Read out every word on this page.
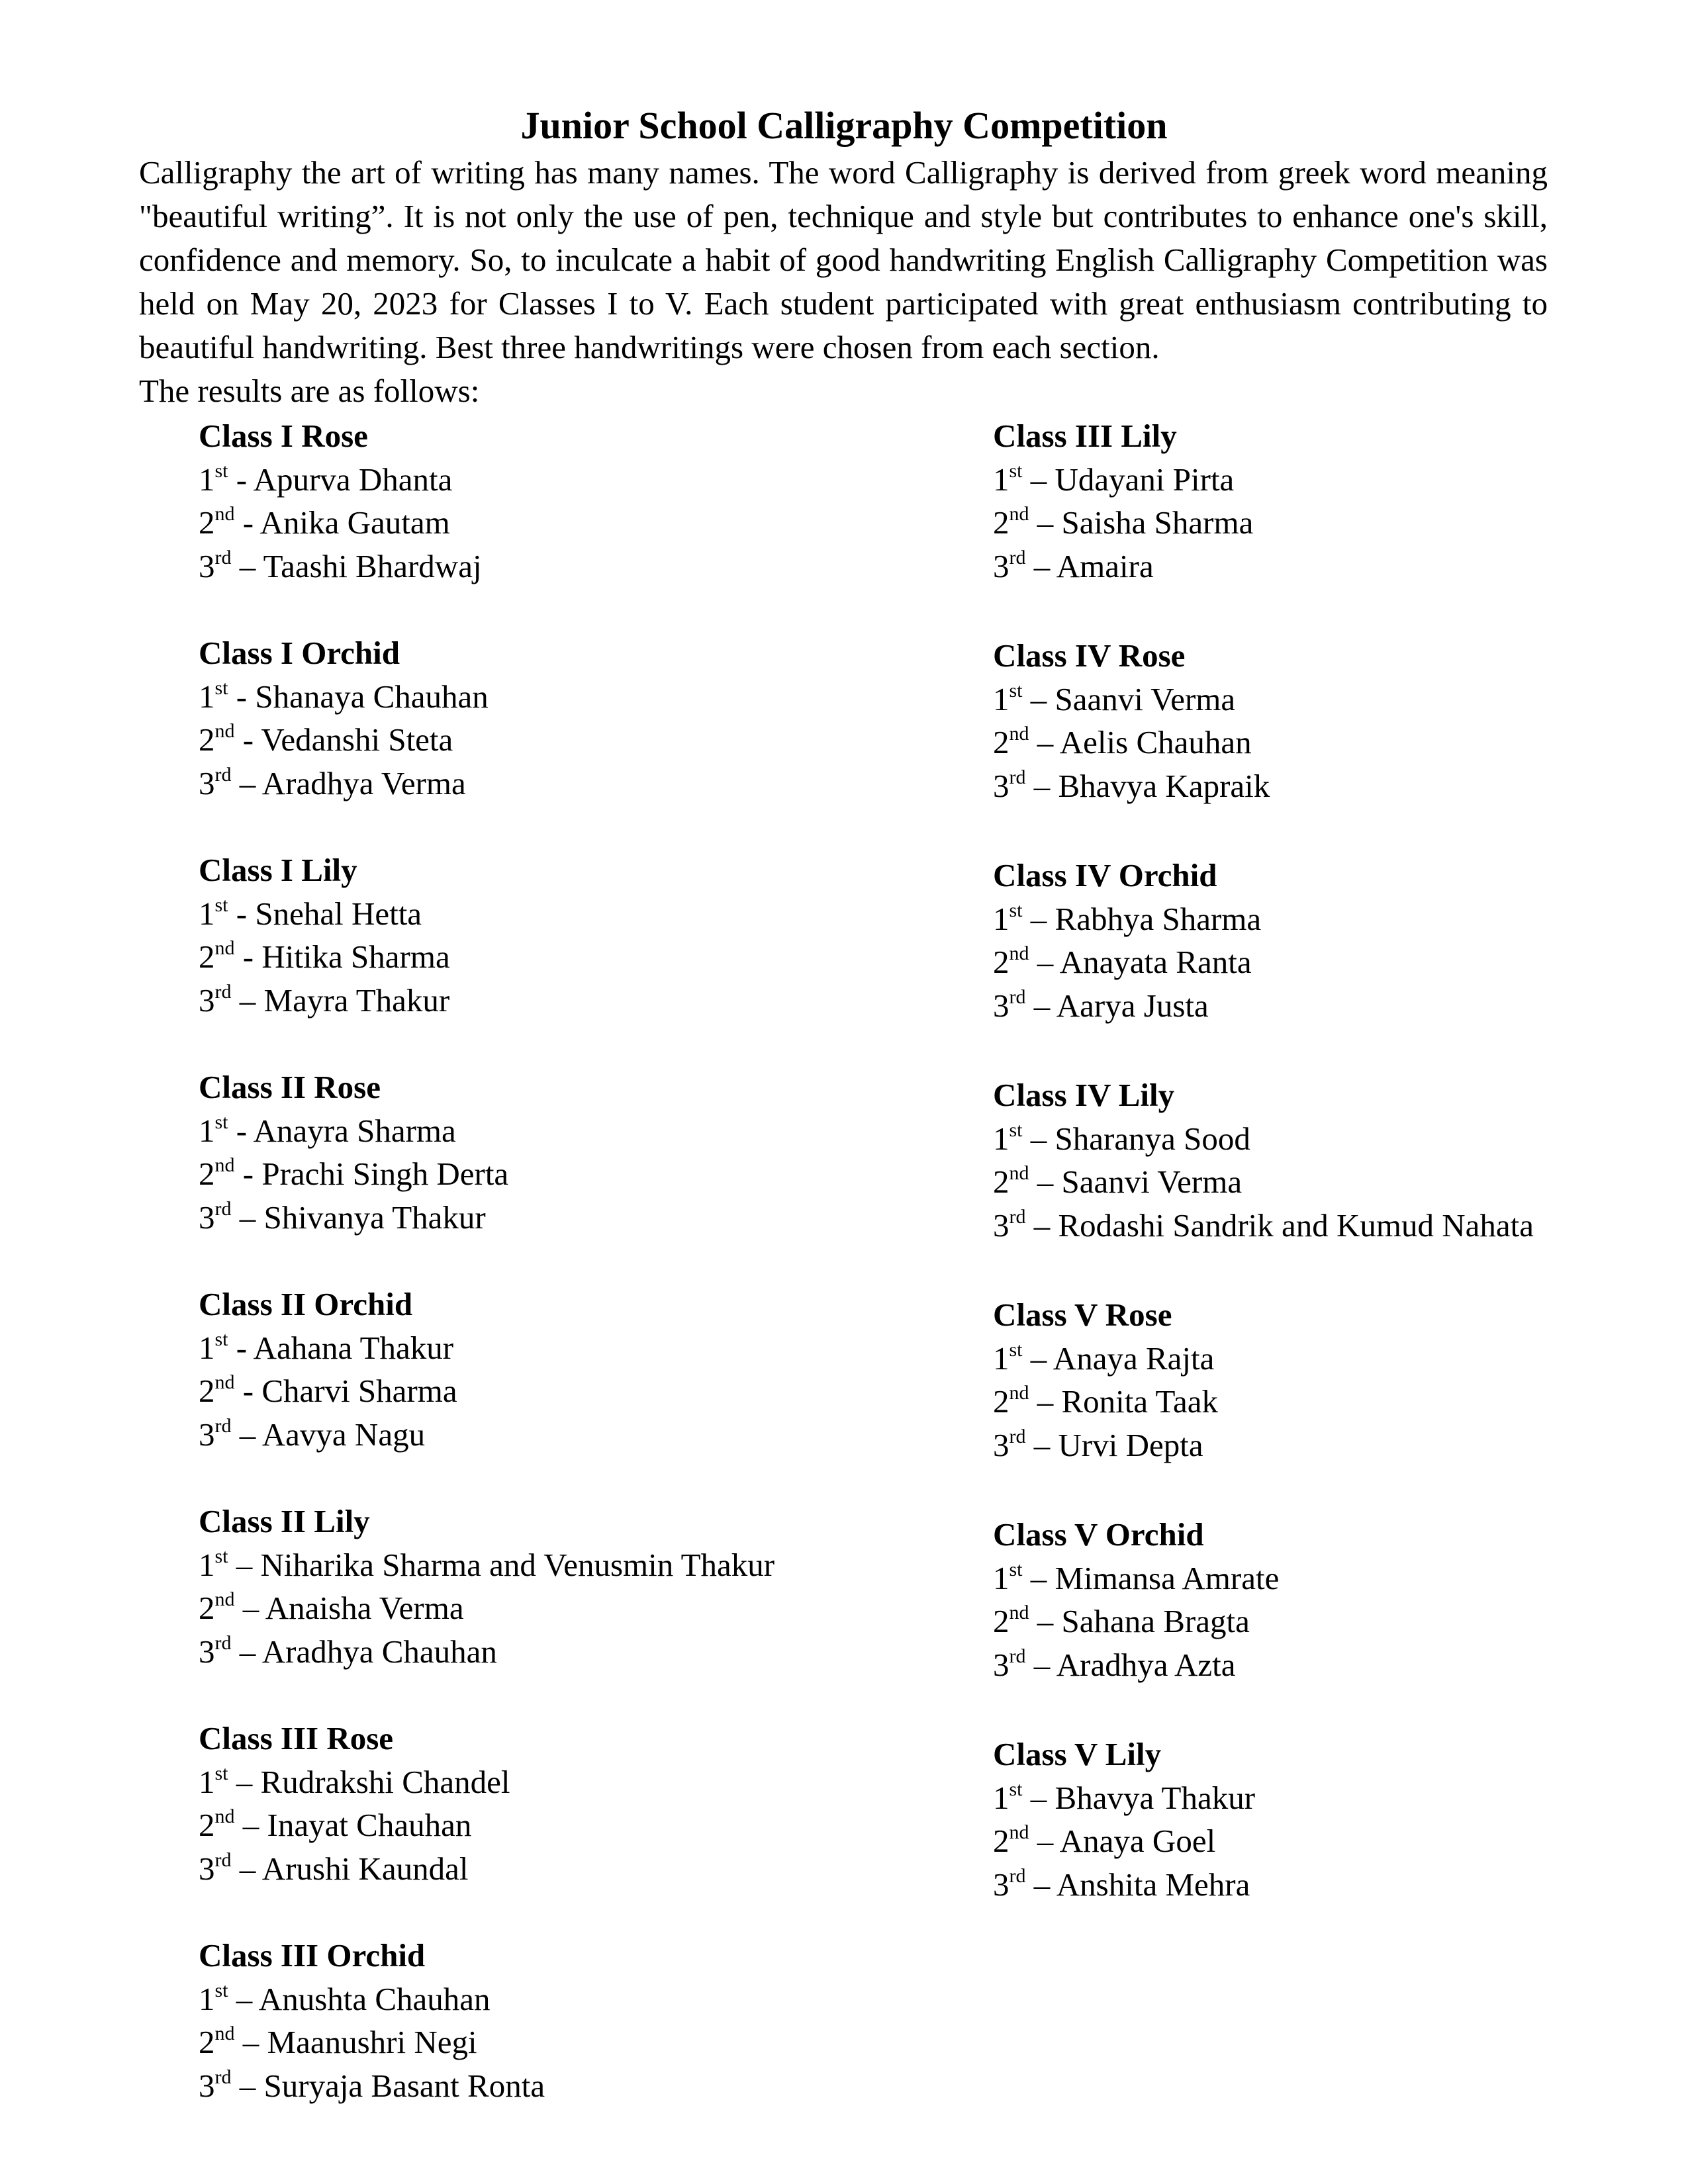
Junior School Calligraphy Competition

Calligraphy the art of writing has many names. The word Calligraphy is derived from greek word meaning "beautiful writing”. It is not only the use of pen, technique and style but contributes to enhance one's skill, confidence and memory. So, to inculcate a habit of good handwriting English Calligraphy Competition was held on May 20, 2023 for Classes I to V. Each student participated with great enthusiasm contributing to beautiful handwriting. Best three handwritings were chosen from each section.

The results are as follows:
Class I Rose
1st - Apurva Dhanta
2nd - Anika Gautam
3rd – Taashi Bhardwaj
Class I Orchid
1st - Shanaya Chauhan
2nd - Vedanshi Steta
3rd – Aradhya Verma
Class I Lily
1st - Snehal Hetta
2nd - Hitika Sharma
3rd – Mayra Thakur
Class II Rose
1st - Anayra Sharma
2nd - Prachi Singh Derta
3rd – Shivanya Thakur
Class II Orchid
1st - Aahana Thakur
2nd - Charvi Sharma
3rd – Aavya Nagu
Class II Lily
1st – Niharika Sharma and Venusmin Thakur
2nd – Anaisha Verma
3rd – Aradhya Chauhan
Class III Rose
1st – Rudrakshi Chandel
2nd – Inayat Chauhan
3rd – Arushi Kaundal
Class III Orchid
1st – Anushta Chauhan
2nd – Maanushri Negi
3rd – Suryaja Basant Ronta
Class III Lily
1st – Udayani Pirta
2nd – Saisha Sharma
3rd – Amaira
Class IV Rose
1st – Saanvi Verma
2nd – Aelis Chauhan
3rd – Bhavya Kapraik
Class IV Orchid
1st – Rabhya Sharma
2nd – Anayata Ranta
3rd – Aarya Justa
Class IV Lily
1st – Sharanya Sood
2nd – Saanvi Verma
3rd – Rodashi Sandrik and Kumud Nahata
Class V Rose
1st – Anaya Rajta
2nd – Ronita Taak
3rd – Urvi Depta
Class V Orchid
1st – Mimansa Amrate
2nd – Sahana Bragta
3rd – Aradhya Azta
Class V Lily
1st – Bhavya Thakur
2nd – Anaya Goel
3rd – Anshita Mehra
